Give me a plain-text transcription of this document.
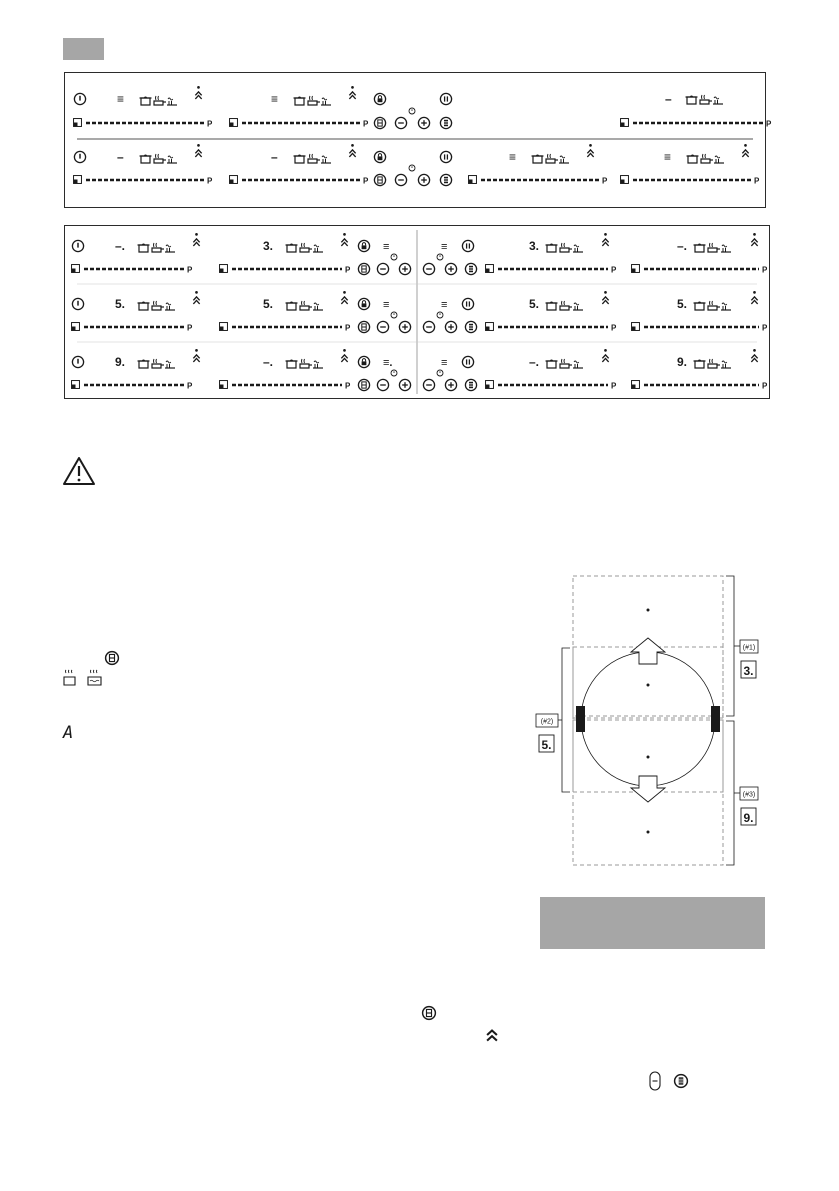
≡	≡	–
P	P	P
–	–	≡	≡
P	P	P	P
–.	3.	≡	≡	3.	–.
P	P	P	P
5.	5.	≡	≡	5.	5.
P	P	P	P
9.	–.	≡.	≡	–.	9.
P	P	P	P
A
(#1)
3.
(#2)
5.
(#3)
9.
